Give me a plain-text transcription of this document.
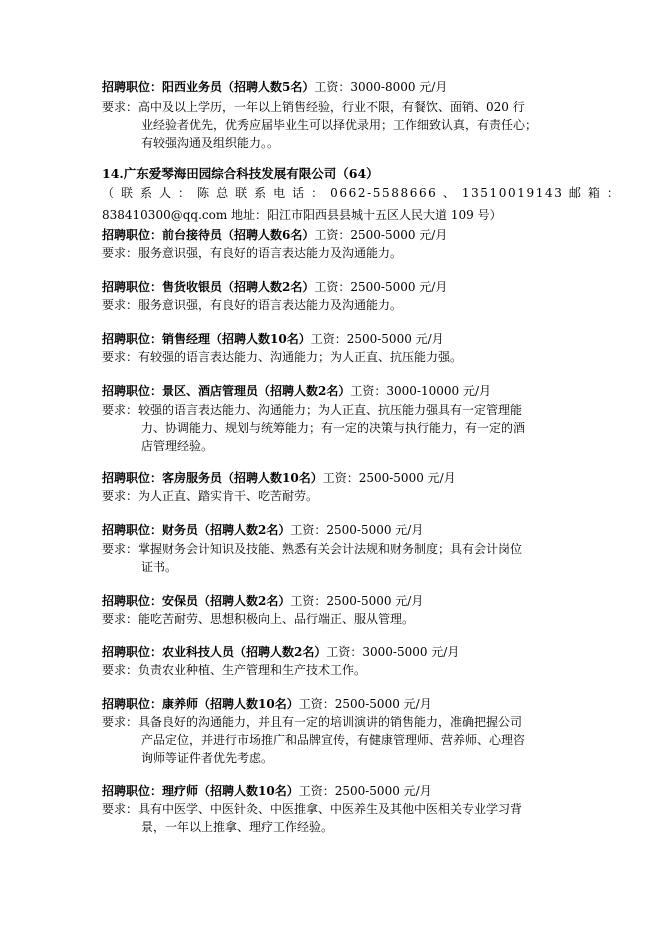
招聘职位：阳西业务员（招聘人数5名）工资：3000-8000 元/月
要求：高中及以上学历，一年以上销售经验，行业不限，有餐饮、面销、020 行
业经验者优先，优秀应届毕业生可以择优录用；工作细致认真，有责任心；
有较强沟通及组织能力。。
14.广东爱琴海田园综合科技发展有限公司（64）
（ 联 系 人 ： 陈 总 联 系 电 话 ： 0662-5588666 、 13510019143 邮 箱 ：
838410300@qq.com 地址：阳江市阳西县县城十五区人民大道 109 号）
招聘职位：前台接待员（招聘人数6名）工资：2500-5000 元/月
要求：服务意识强，有良好的语言表达能力及沟通能力。
招聘职位：售货收银员（招聘人数2名）工资：2500-5000 元/月
要求：服务意识强，有良好的语言表达能力及沟通能力。
招聘职位：销售经理（招聘人数10名）工资：2500-5000 元/月
要求：有较强的语言表达能力、沟通能力；为人正直、抗压能力强。
招聘职位：景区、酒店管理员（招聘人数2名）工资：3000-10000 元/月
要求：较强的语言表达能力、沟通能力；为人正直、抗压能力强具有一定管理能
力、协调能力、规划与统筹能力；有一定的决策与执行能力，有一定的酒
店管理经验。
招聘职位：客房服务员（招聘人数10名）工资：2500-5000 元/月
要求：为人正直、踏实肯干、吃苦耐劳。
招聘职位：财务员（招聘人数2名）工资：2500-5000 元/月
要求：掌握财务会计知识及技能、熟悉有关会计法规和财务制度；具有会计岗位
证书。
招聘职位：安保员（招聘人数2名）工资：2500-5000 元/月
要求：能吃苦耐劳、思想积极向上、品行端正、服从管理。
招聘职位：农业科技人员（招聘人数2名）工资：3000-5000 元/月
要求：负责农业种植、生产管理和生产技术工作。
招聘职位：康养师（招聘人数10名）工资：2500-5000 元/月
要求：具备良好的沟通能力，并且有一定的培训演讲的销售能力，准确把握公司
产品定位，并进行市场推广和品牌宣传，有健康管理师、营养师、心理咨
询师等证件者优先考虑。
招聘职位：理疗师（招聘人数10名）工资：2500-5000 元/月
要求：具有中医学、中医针灸、中医推拿、中医养生及其他中医相关专业学习背
景，一年以上推拿、理疗工作经验。
